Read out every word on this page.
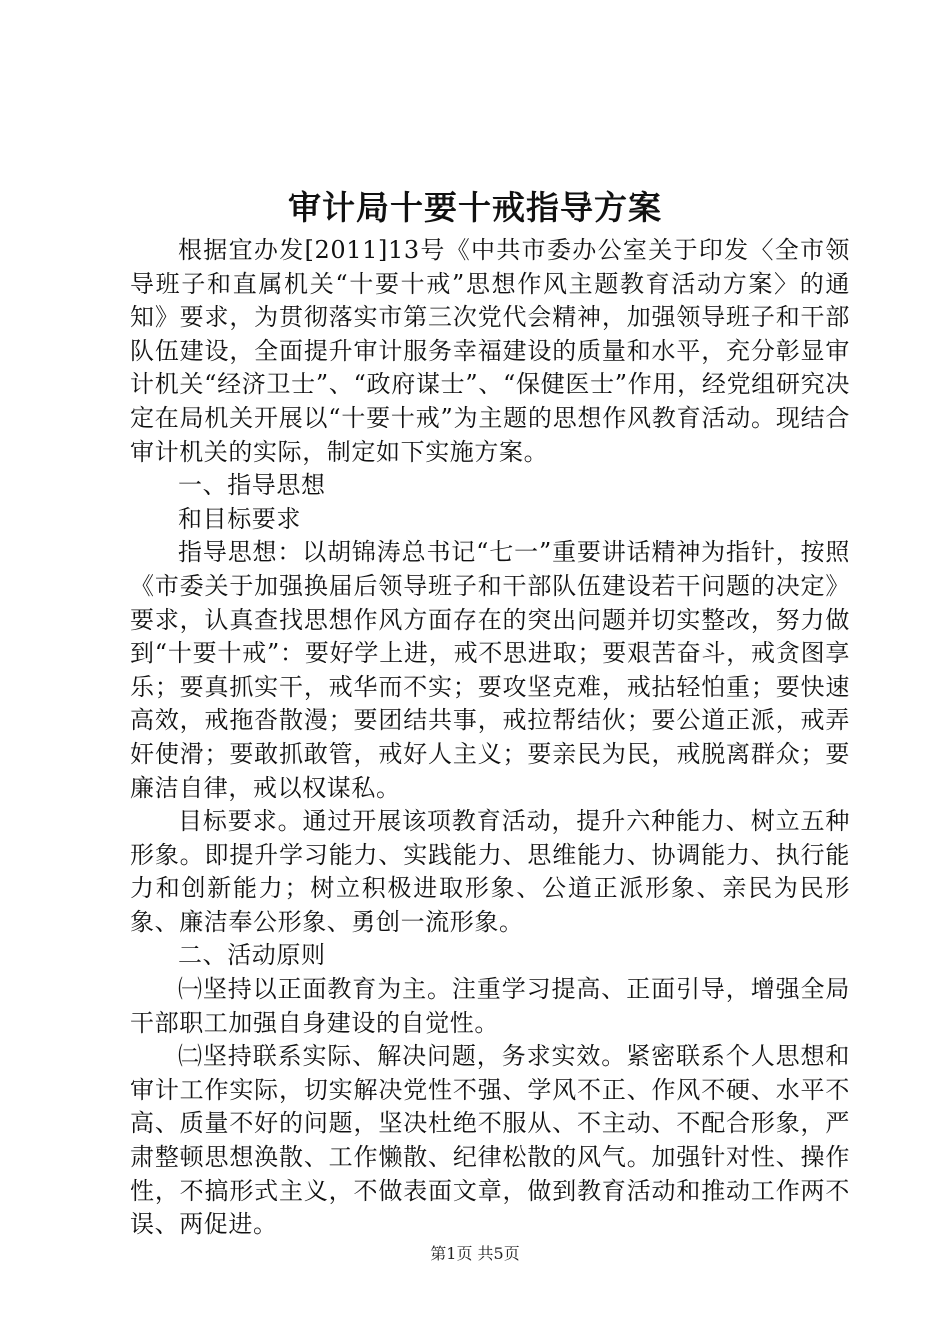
审计局十要十戒指导方案

根据宜办发[2011]13号《中共市委办公室关于印发〈全市领导班子和直属机关“十要十戒”思想作风主题教育活动方案〉的通知》要求，为贯彻落实市第三次党代会精神，加强领导班子和干部队伍建设，全面提升审计服务幸福建设的质量和水平，充分彰显审计机关“经济卫士”、“政府谋士”、“保健医士”作用，经党组研究决定在局机关开展以“十要十戒”为主题的思想作风教育活动。现结合审计机关的实际，制定如下实施方案。

一、指导思想

和目标要求

指导思想：以胡锦涛总书记“七一”重要讲话精神为指针，按照《市委关于加强换届后领导班子和干部队伍建设若干问题的决定》要求，认真查找思想作风方面存在的突出问题并切实整改，努力做到“十要十戒”：要好学上进，戒不思进取；要艰苦奋斗，戒贪图享乐；要真抓实干，戒华而不实；要攻坚克难，戒拈轻怕重；要快速高效，戒拖沓散漫；要团结共事，戒拉帮结伙；要公道正派，戒弄奸使滑；要敢抓敢管，戒好人主义；要亲民为民，戒脱离群众；要廉洁自律，戒以权谋私。

目标要求。通过开展该项教育活动，提升六种能力、树立五种形象。即提升学习能力、实践能力、思维能力、协调能力、执行能力和创新能力；树立积极进取形象、公道正派形象、亲民为民形象、廉洁奉公形象、勇创一流形象。

二、活动原则

㈠坚持以正面教育为主。注重学习提高、正面引导，增强全局干部职工加强自身建设的自觉性。

㈡坚持联系实际、解决问题，务求实效。紧密联系个人思想和审计工作实际，切实解决党性不强、学风不正、作风不硬、水平不高、质量不好的问题，坚决杜绝不服从、不主动、不配合形象，严肃整顿思想涣散、工作懒散、纪律松散的风气。加强针对性、操作性，不搞形式主义，不做表面文章，做到教育活动和推动工作两不误、两促进。

第1页 共5页
